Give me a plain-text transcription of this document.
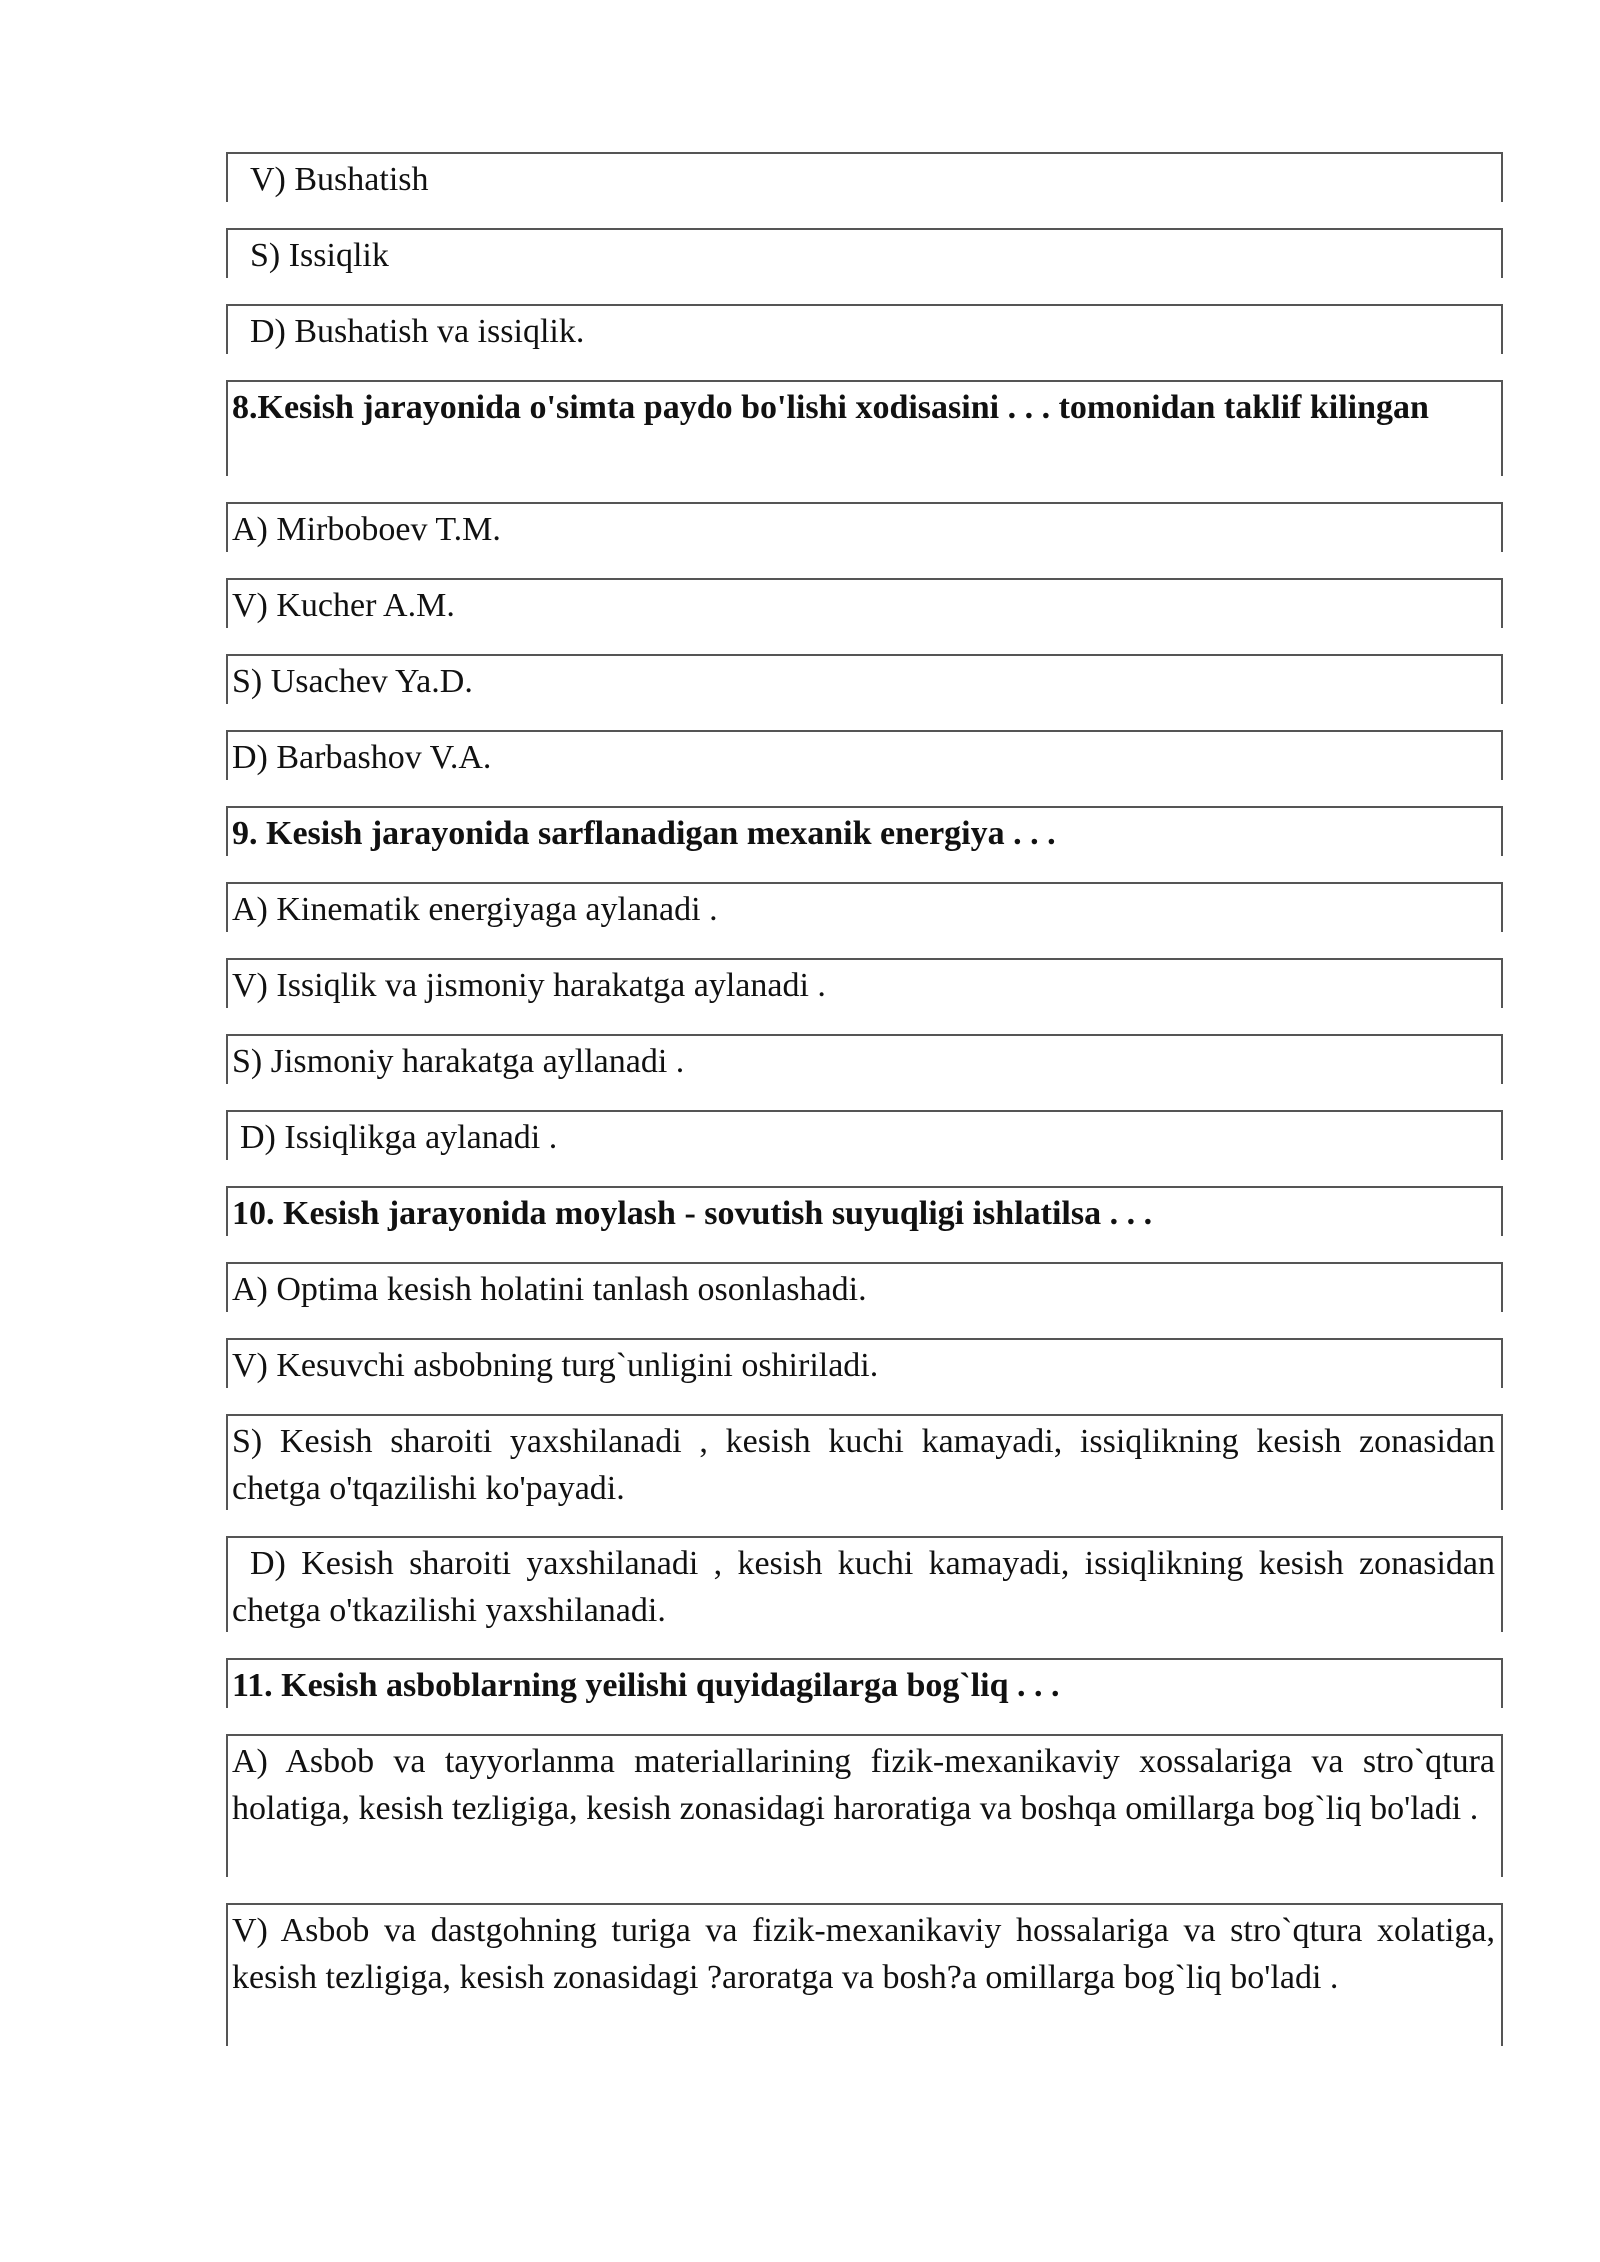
V) Bushatish
S) Issiqlik
D) Bushatish va issiqlik.
8.Kesish jarayonida o'simta paydo bo'lishi xodisasini . . . tomonidan taklif kilingan
A) Mirboboev T.M.
V) Kucher A.M.
S) Usachev Ya.D.
D) Barbashov V.A.
9. Kesish jarayonida sarflanadigan mexanik energiya . . .
A) Kinematik energiyaga aylanadi .
V) Issiqlik va jismoniy harakatga aylanadi .
S) Jismoniy harakatga ayllanadi .
D) Issiqlikga aylanadi .
10. Kesish jarayonida moylash - sovutish suyuqligi ishlatilsa . . .
A) Optima kesish holatini tanlash osonlashadi.
V) Kesuvchi asbobning turg`unligini oshiriladi.
S) Kesish sharoiti yaxshilanadi , kesish kuchi kamayadi, issiqlikning kesish zonasidan chetga o'tqazilishi ko'payadi.
D) Kesish sharoiti yaxshilanadi , kesish kuchi kamayadi, issiqlikning kesish zonasidan chetga o'tkazilishi yaxshilanadi.
11. Kesish asboblarning yeilishi quyidagilarga bog`liq . . .
A) Asbob va tayyorlanma materiallarining fizik-mexanikaviy xossalariga va stro`qtura holatiga, kesish tezligiga, kesish zonasidagi haroratiga va boshqa omillarga bog`liq bo'ladi .
V) Asbob va dastgohning turiga va fizik-mexanikaviy hossalariga va stro`qtura xolatiga, kesish tezligiga, kesish zonasidagi ?aroratga va bosh?a omillarga bog`liq bo'ladi .
